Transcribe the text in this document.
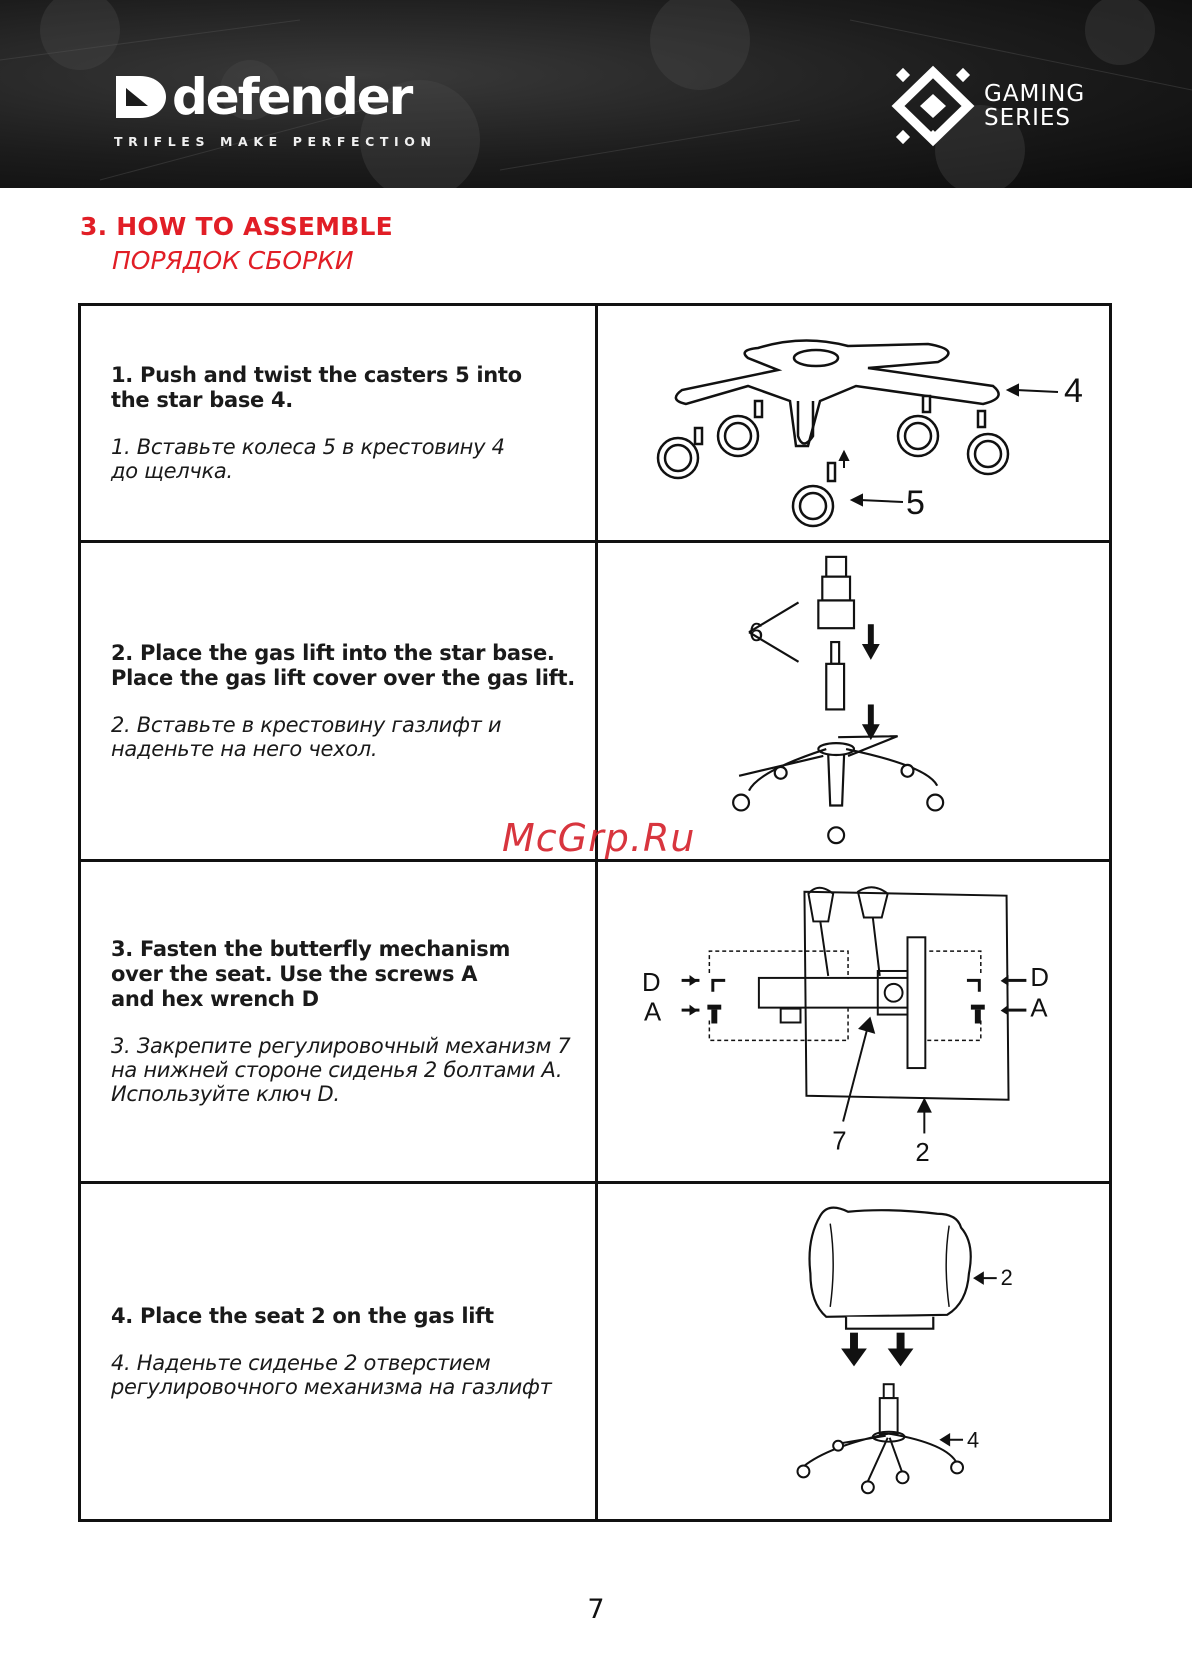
defender
TRIFLES MAKE PERFECTION
GAMING
SERIES
3. HOW TO ASSEMBLE
ПОРЯДОК СБОРКИ
1. Push and twist the casters 5 into
the star base 4.
1. Вставьте колеса 5 в крестовину 4
до щелчка.
4
5
2. Place the gas lift into the star base.
Place the gas lift cover over the gas lift.
2. Вставьте в крестовину газлифт и
наденьте на него чехол.
6
3. Fasten the butterfly mechanism
over the seat. Use the screws A
and hex wrench D
3. Закрепите регулировочный механизм 7
на нижней стороне сиденья 2 болтами A.
Используйте ключ D.
D
A
D
A
7	2
4. Place the seat 2 on the gas lift
4. Наденьте сиденье 2 отверстием
регулировочного механизма на газлифт
2
4
McGrp.Ru
7
